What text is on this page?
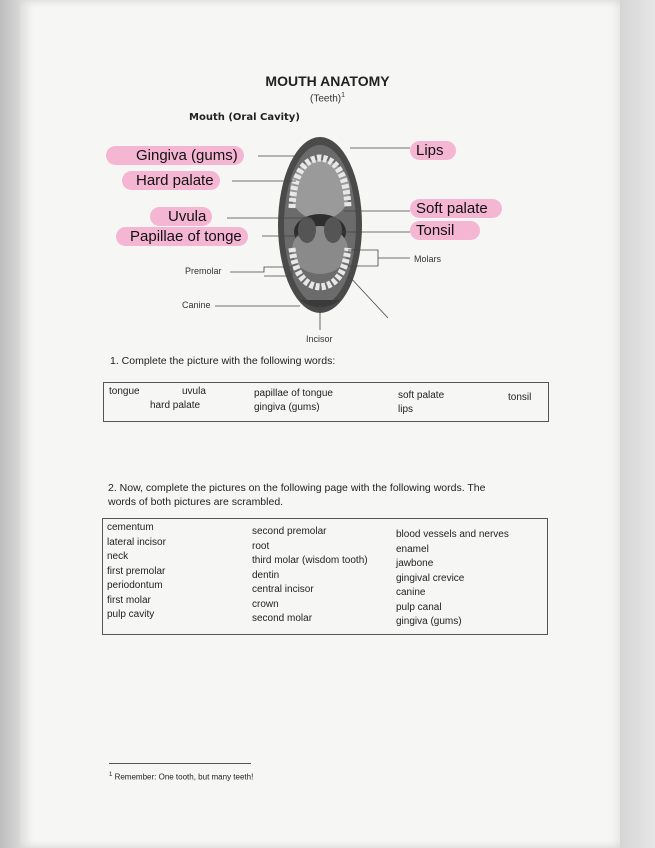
MOUTH ANATOMY
(Teeth)$^1$
Mouth (Oral Cavity)
Gingiva (gums)
Hard palate
Uvula
Papillae of tonge
Lips
Soft palate
Tonsil
Molars
Premolar
Canine
Incisor
1. Complete the picture with the following words:
tongue	uvula
hard palate
papillae of tongue
gingiva (gums)
soft palate
lips
tonsil
2. Now, complete the pictures on the following page with the following words. The
words of both pictures are scrambled.
cementum
lateral incisor
neck
first premolar
periodontum
first molar
pulp cavity
second premolar
root
third molar (wisdom tooth)
dentin
central incisor
crown
second molar
blood vessels and nerves
enamel
jawbone
gingival crevice
canine
pulp canal
gingiva (gums)
$^1$ Remember: One tooth, but many teeth!
